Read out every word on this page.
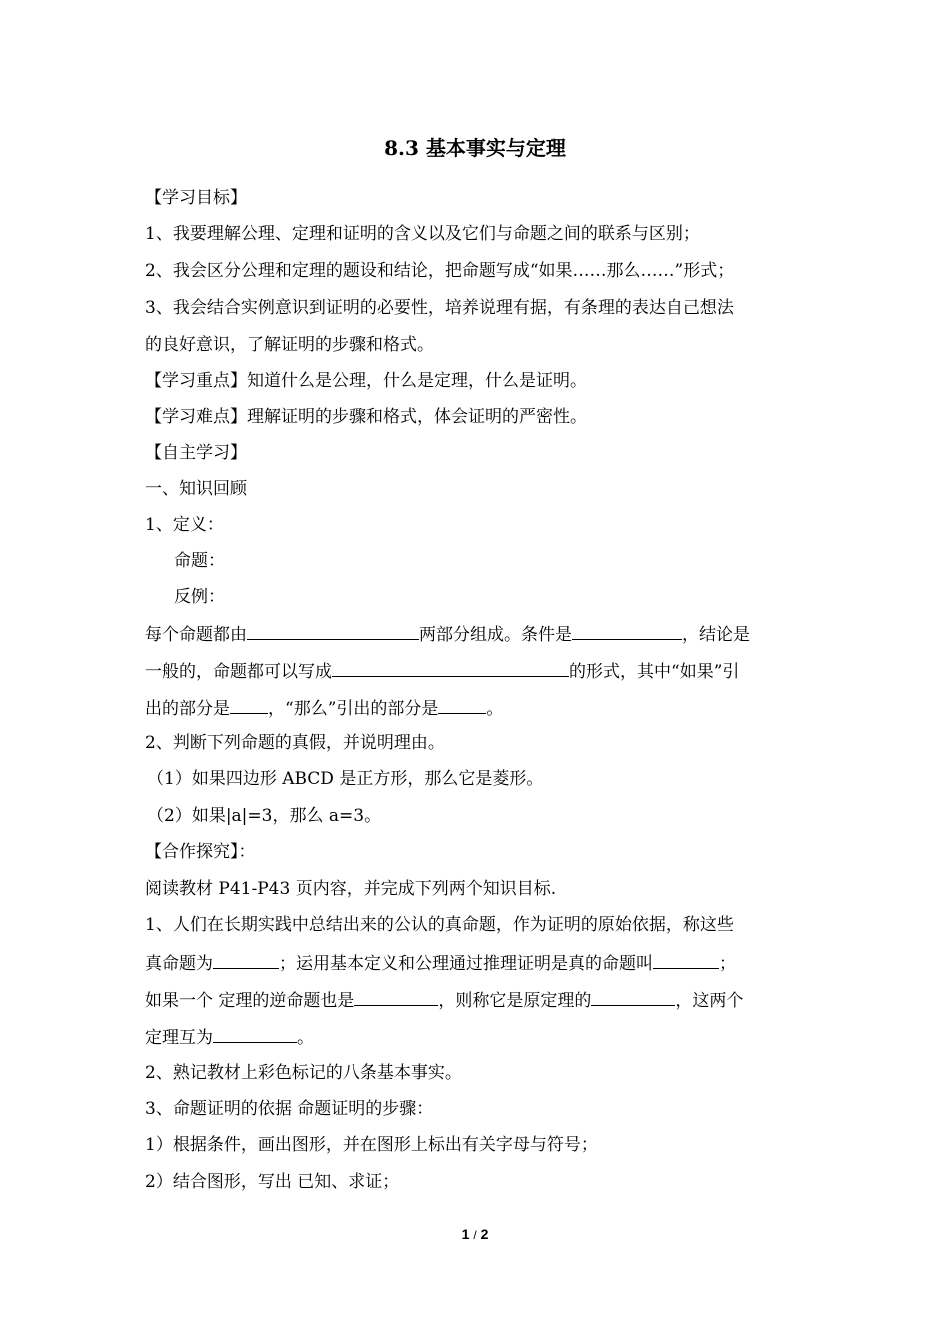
8.3 基本事实与定理
【学习目标】
1、我要理解公理、定理和证明的含义以及它们与命题之间的联系与区别；
2、我会区分公理和定理的题设和结论，把命题写成“如果……那么……”形式；
3、我会结合实例意识到证明的必要性，培养说理有据，有条理的表达自己想法
的良好意识，了解证明的步骤和格式。
【学习重点】知道什么是公理，什么是定理，什么是证明。
【学习难点】理解证明的步骤和格式，体会证明的严密性。
【自主学习】
一、知识回顾
1、定义：
命题：
反例：
每个命题都由	两部分组成。条件是	，结论是
一般的，命题都可以写成	的形式，其中“如果”引
出的部分是 ，“那么”引出的部分是	。
2、判断下列命题的真假，并说明理由。
（1）如果四边形 ABCD 是正方形，那么它是菱形。
（2）如果|a|=3，那么 a=3。
【合作探究】：
阅读教材 P41-P43 页内容，并完成下列两个知识目标.
1、人们在长期实践中总结出来的公认的真命题，作为证明的原始依据，称这些
真命题为	；运用基本定义和公理通过推理证明是真的命题叫	；
如果一个 定理的逆命题也是	，则称它是原定理的	，这两个
定理互为	。
2、熟记教材上彩色标记的八条基本事实。
3、命题证明的依据 命题证明的步骤：
1）根据条件，画出图形，并在图形上标出有关字母与符号；
2）结合图形，写出 已知、求证；
1 / 2
